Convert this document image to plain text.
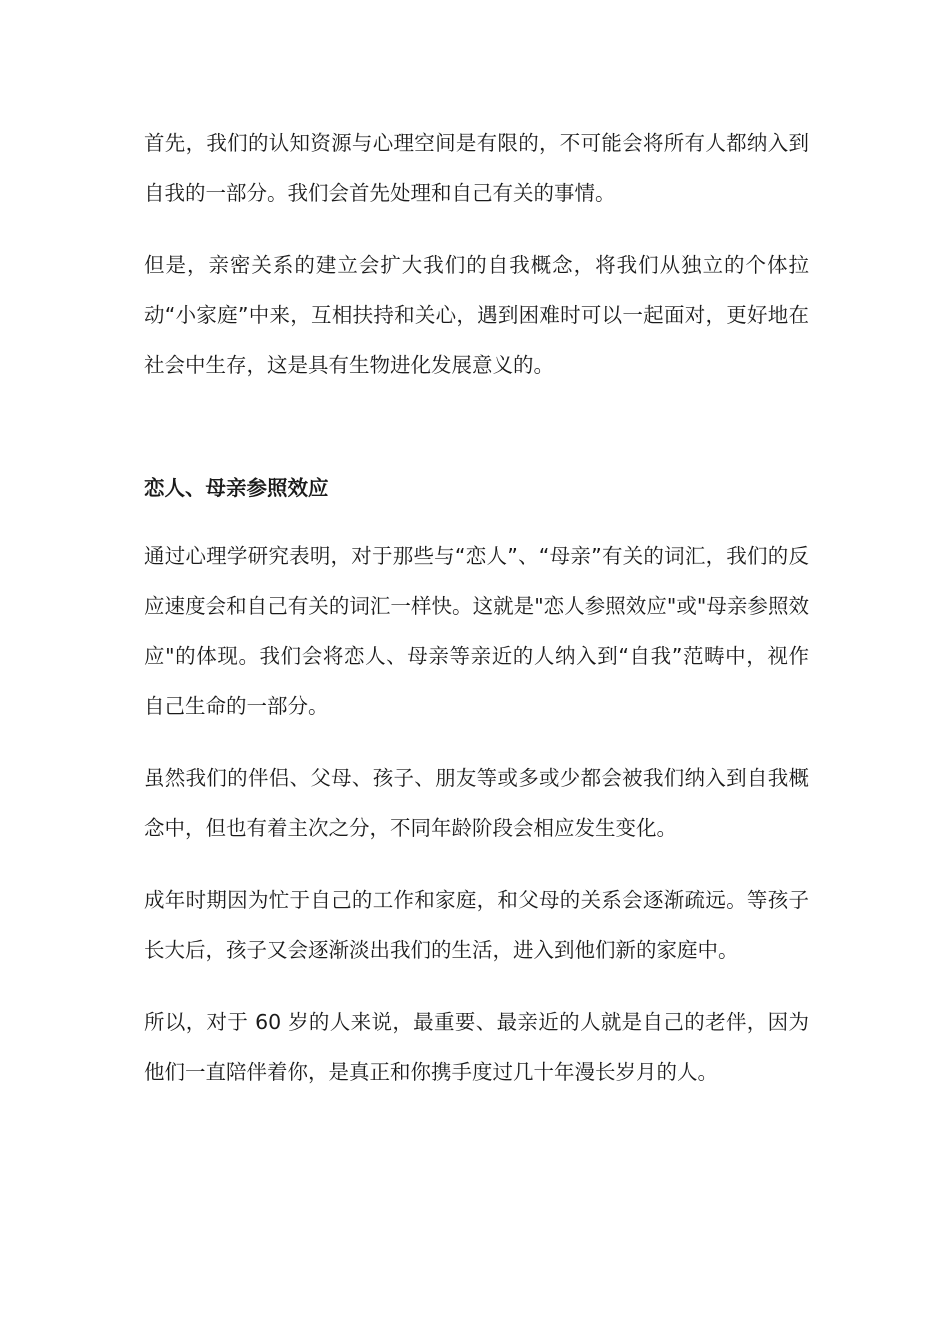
首先，我们的认知资源与心理空间是有限的，不可能会将所有人都纳入到自我的一部分。我们会首先处理和自己有关的事情。

但是，亲密关系的建立会扩大我们的自我概念，将我们从独立的个体拉动“小家庭”中来，互相扶持和关心，遇到困难时可以一起面对，更好地在社会中生存，这是具有生物进化发展意义的。

恋人、母亲参照效应

通过心理学研究表明，对于那些与“恋人”、“母亲”有关的词汇，我们的反应速度会和自己有关的词汇一样快。这就是"恋人参照效应"或"母亲参照效应"的体现。我们会将恋人、母亲等亲近的人纳入到“自我”范畴中，视作自己生命的一部分。

虽然我们的伴侣、父母、孩子、朋友等或多或少都会被我们纳入到自我概念中，但也有着主次之分，不同年龄阶段会相应发生变化。

成年时期因为忙于自己的工作和家庭，和父母的关系会逐渐疏远。等孩子长大后，孩子又会逐渐淡出我们的生活，进入到他们新的家庭中。

所以，对于 60 岁的人来说，最重要、最亲近的人就是自己的老伴，因为他们一直陪伴着你，是真正和你携手度过几十年漫长岁月的人。
